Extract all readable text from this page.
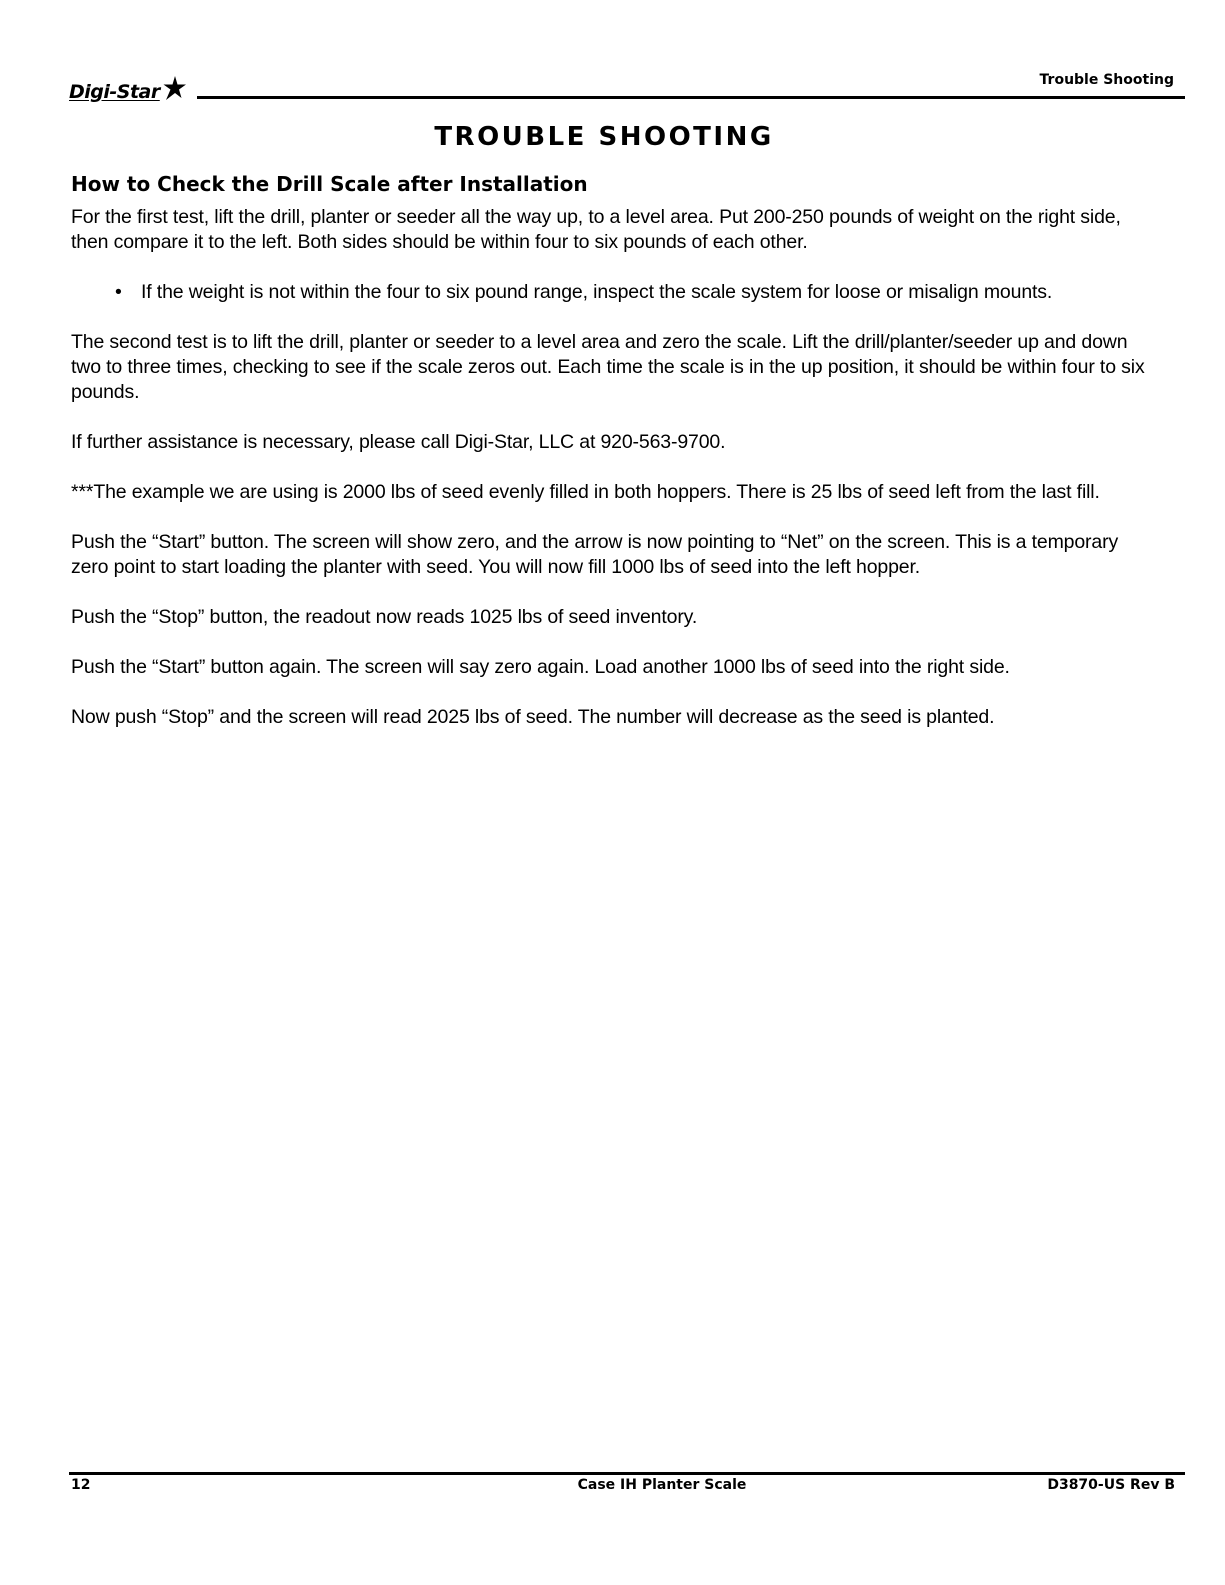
Digi-Star
Trouble Shooting
TROUBLE SHOOTING
How to Check the Drill Scale after Installation

For the first test, lift the drill, planter or seeder all the way up, to a level area. Put 200-250 pounds of weight on the right side, then compare it to the left. Both sides should be within four to six pounds of each other.

• If the weight is not within the four to six pound range, inspect the scale system for loose or misalign mounts.

The second test is to lift the drill, planter or seeder to a level area and zero the scale. Lift the drill/planter/seeder up and down two to three times, checking to see if the scale zeros out. Each time the scale is in the up position, it should be within four to six pounds.

If further assistance is necessary, please call Digi-Star, LLC at 920-563-9700.

***The example we are using is 2000 lbs of seed evenly filled in both hoppers. There is 25 lbs of seed left from the last fill.

Push the “Start” button. The screen will show zero, and the arrow is now pointing to “Net” on the screen. This is a temporary zero point to start loading the planter with seed. You will now fill 1000 lbs of seed into the left hopper.

Push the “Stop” button, the readout now reads 1025 lbs of seed inventory.

Push the “Start” button again. The screen will say zero again. Load another 1000 lbs of seed into the right side.

Now push “Stop” and the screen will read 2025 lbs of seed. The number will decrease as the seed is planted.

12	Case IH Planter Scale	D3870-US Rev B
